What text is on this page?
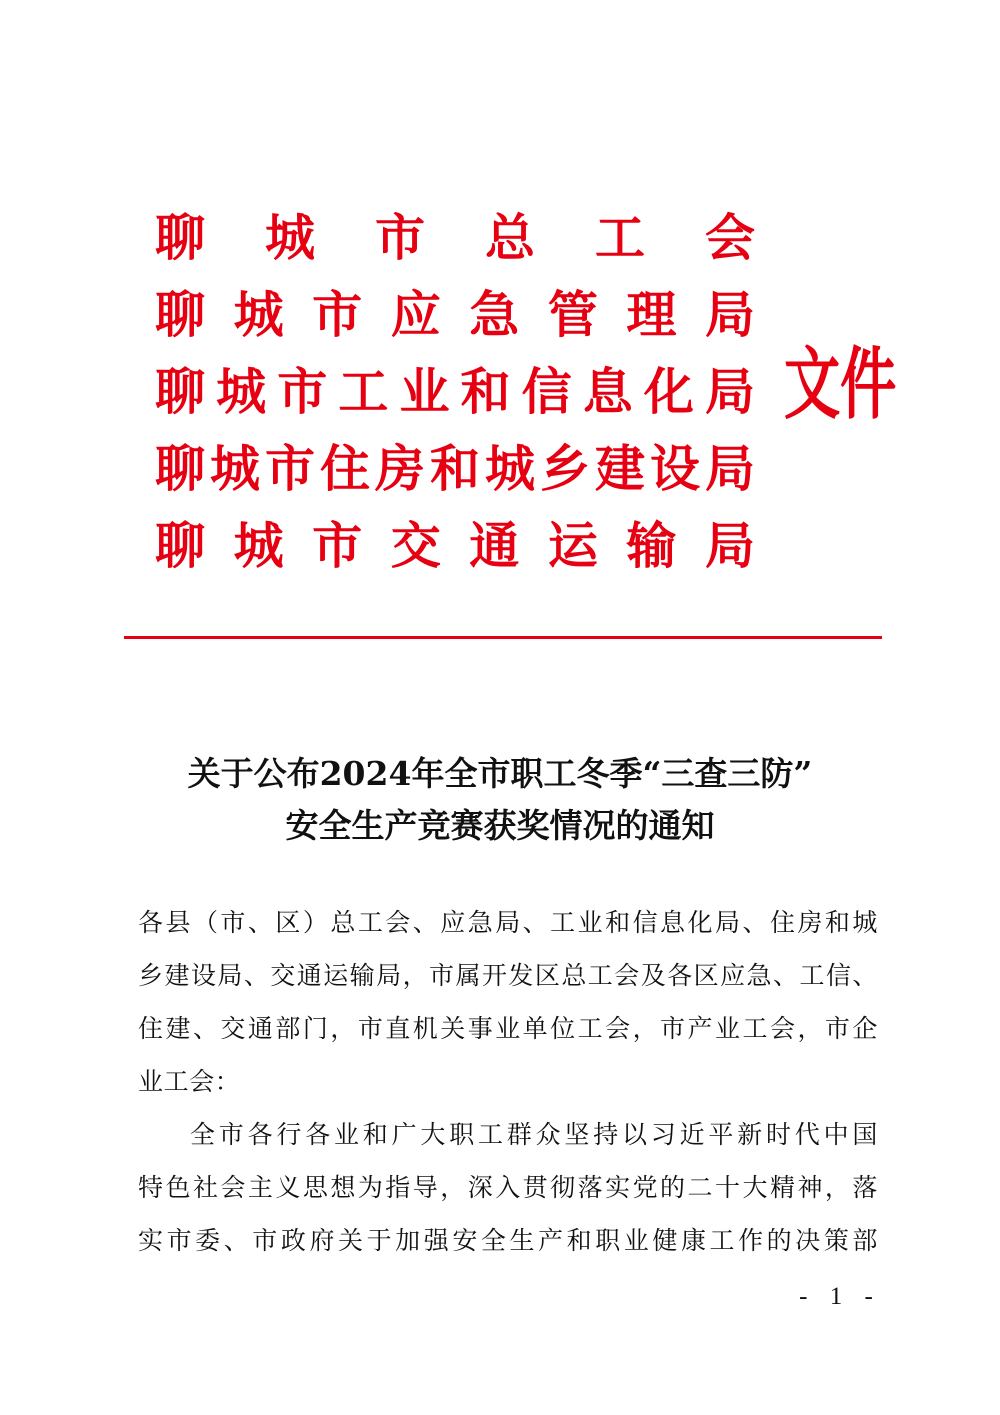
聊 城 市 总 工 会
聊 城 市 应 急 管 理 局
聊 城 市 工 业 和 信 息 化 局
聊 城 市 住 房 和 城 乡 建 设 局
聊 城 市 交 通 运 输 局
文件
关于公布2024年全市职工冬季“三查三防”
安全生产竞赛获奖情况的通知

各县（市、区）总工会、应急局、工业和信息化局、住房和城
乡建设局、交通运输局，市属开发区总工会及各区应急、工信、
住建、交通部门，市直机关事业单位工会，市产业工会，市企
业工会：

全市各行各业和广大职工群众坚持以习近平新时代中国
特色社会主义思想为指导，深入贯彻落实党的二十大精神，落
实市委、市政府关于加强安全生产和职业健康工作的决策部

- 1 -
